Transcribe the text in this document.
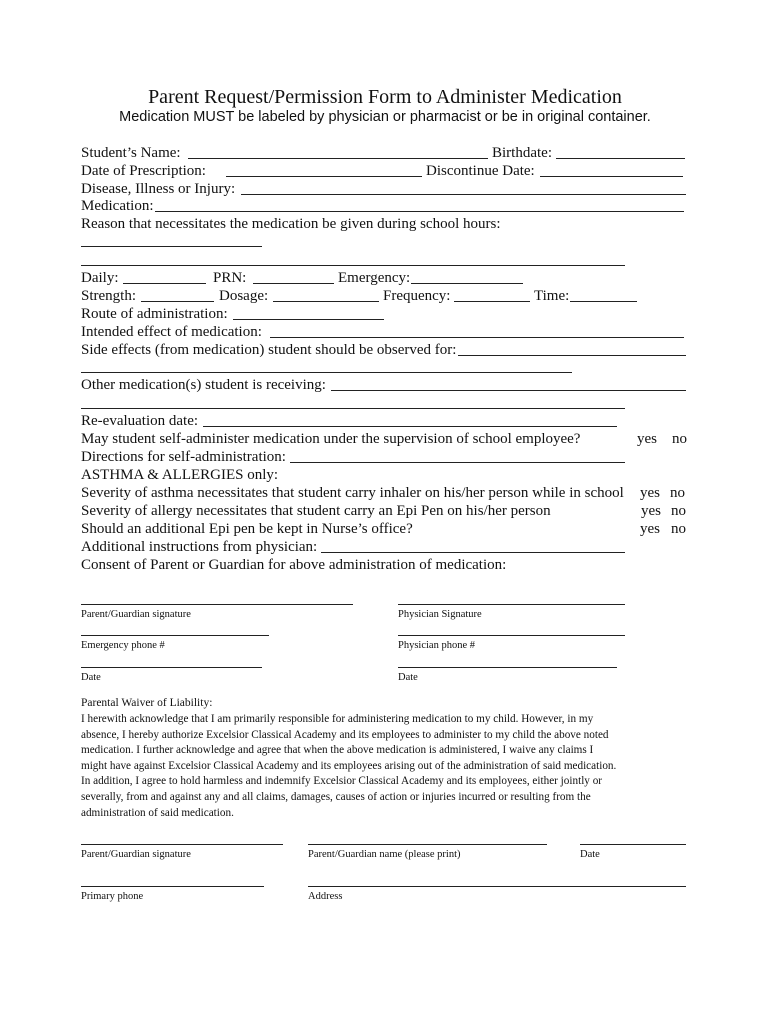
Parent Request/Permission Form to Administer Medication
Medication MUST be labeled by physician or pharmacist or be in original container.
Student’s Name:	Birthdate:
Date of Prescription:	Discontinue Date:
Disease, Illness or Injury:
Medication:
Reason that necessitates the medication be given during school hours:
Daily:	PRN:	Emergency:
Strength:	Dosage:	Frequency:	Time:
Route of administration:
Intended effect of medication:
Side effects (from medication) student should be observed for:
Other medication(s) student is receiving:
Re-evaluation date:
May student self-administer medication under the supervision of school employee?	yes no
Directions for self-administration:
ASTHMA & ALLERGIES only:
Severity of asthma necessitates that student carry inhaler on his/her person while in school yes no
Severity of allergy necessitates that student carry an Epi Pen on his/her person	yes no
Should an additional Epi pen be kept in Nurse’s office?	yes no
Additional instructions from physician:
Consent of Parent or Guardian for above administration of medication:
Parent/Guardian signature	Physician Signature
Emergency phone #	Physician phone #
Date	Date
Parental Waiver of Liability:
I herewith acknowledge that I am primarily responsible for administering medication to my child. However, in my
absence, I hereby authorize Excelsior Classical Academy and its employees to administer to my child the above noted
medication. I further acknowledge and agree that when the above medication is administered, I waive any claims I
might have against Excelsior Classical Academy and its employees arising out of the administration of said medication.
In addition, I agree to hold harmless and indemnify Excelsior Classical Academy and its employees, either jointly or
severally, from and against any and all claims, damages, causes of action or injuries incurred or resulting from the
administration of said medication.
Parent/Guardian signature	Parent/Guardian name (please print)	Date
Primary phone	Address
